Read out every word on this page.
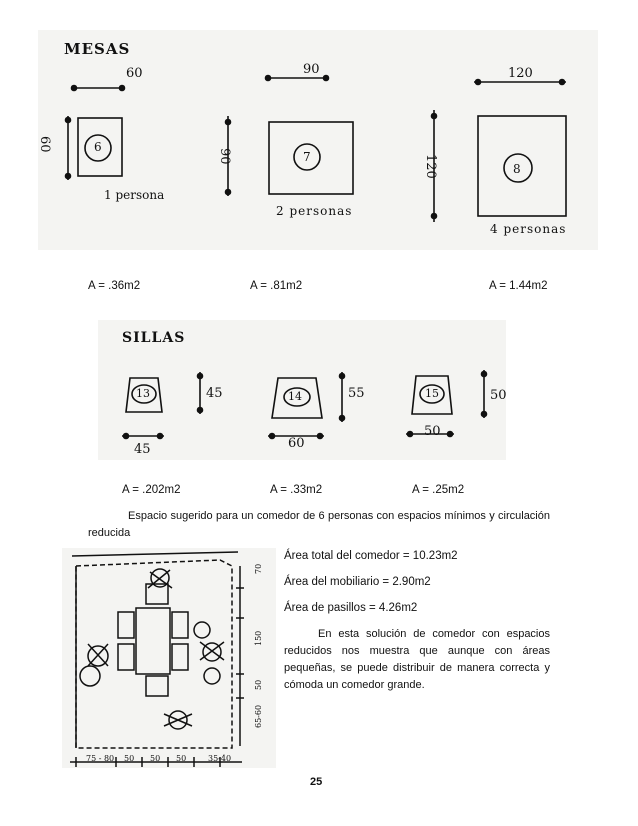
MESAS
60
60	6
1 persona
90
90	7
2 personas
120
120	8
4 personas
A = .36m2	A = .81m2	A = 1.44m2
SILLAS
13	45
45
14	55
60
15	50
50
A = .202m2	A = .33m2	A = .25m2
Espacio sugerido para un comedor de 6 personas con espacios mínimos y circulación reducida
75 - 80 50 50 50	35-40
70
150
50
65-60
Área total del comedor = 10.23m2
Área del mobiliario = 2.90m2
Área de pasillos = 4.26m2
En esta solución de comedor con espacios reducidos nos muestra que aunque con áreas pequeñas, se puede distribuir de manera correcta y cómoda un comedor grande.
25
